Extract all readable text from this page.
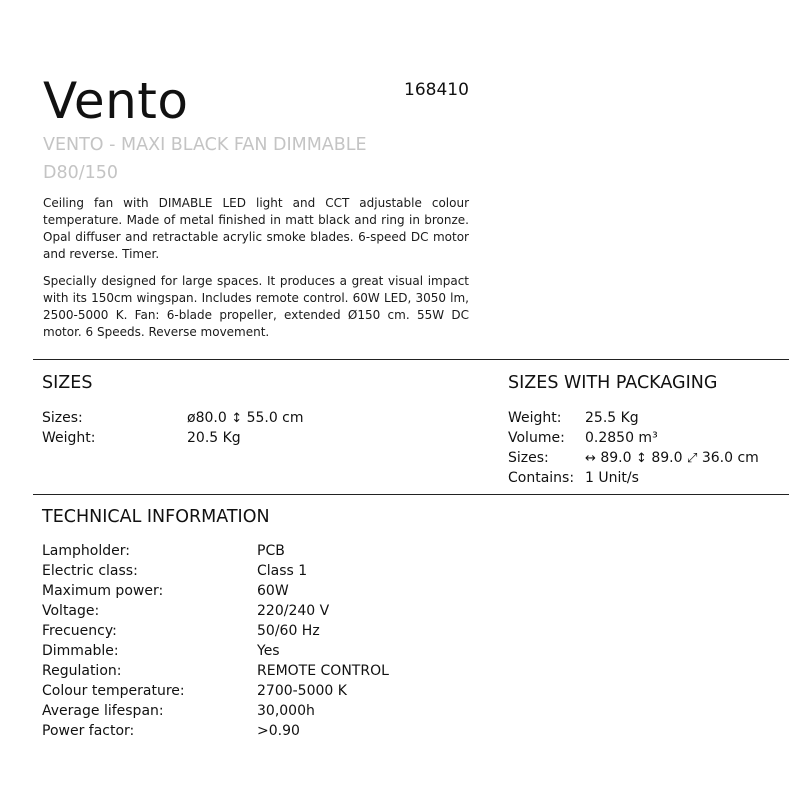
Vento	168410
VENTO - MAXI BLACK FAN DIMMABLE D80/150

Ceiling fan with DIMABLE LED light and CCT adjustable colour temperature. Made of metal finished in matt black and ring in bronze. Opal diffuser and retractable acrylic smoke blades. 6-speed DC motor and reverse. Timer.

Specially designed for large spaces. It produces a great visual impact with its 150cm wingspan. Includes remote control. 60W LED, 3050 lm, 2500-5000 K. Fan: 6-blade propeller, extended Ø150 cm. 55W DC motor. 6 Speeds. Reverse movement.

SIZES
Sizes:	ø80.0 ↕ 55.0 cm
Weight:	20.5 Kg
SIZES WITH PACKAGING
Weight:	25.5 Kg
Volume:	0.2850 m³
Sizes:	↔ 89.0 ↕ 89.0 ⤢ 36.0 cm
Contains: 1 Unit/s
TECHNICAL INFORMATION
Lampholder:	PCB
Electric class:	Class 1
Maximum power:	60W
Voltage:	220/240 V
Frecuency:	50/60 Hz
Dimmable:	Yes
Regulation:	REMOTE CONTROL
Colour temperature:	2700-5000 K
Average lifespan:	30,000h
Power factor:	>0.90
